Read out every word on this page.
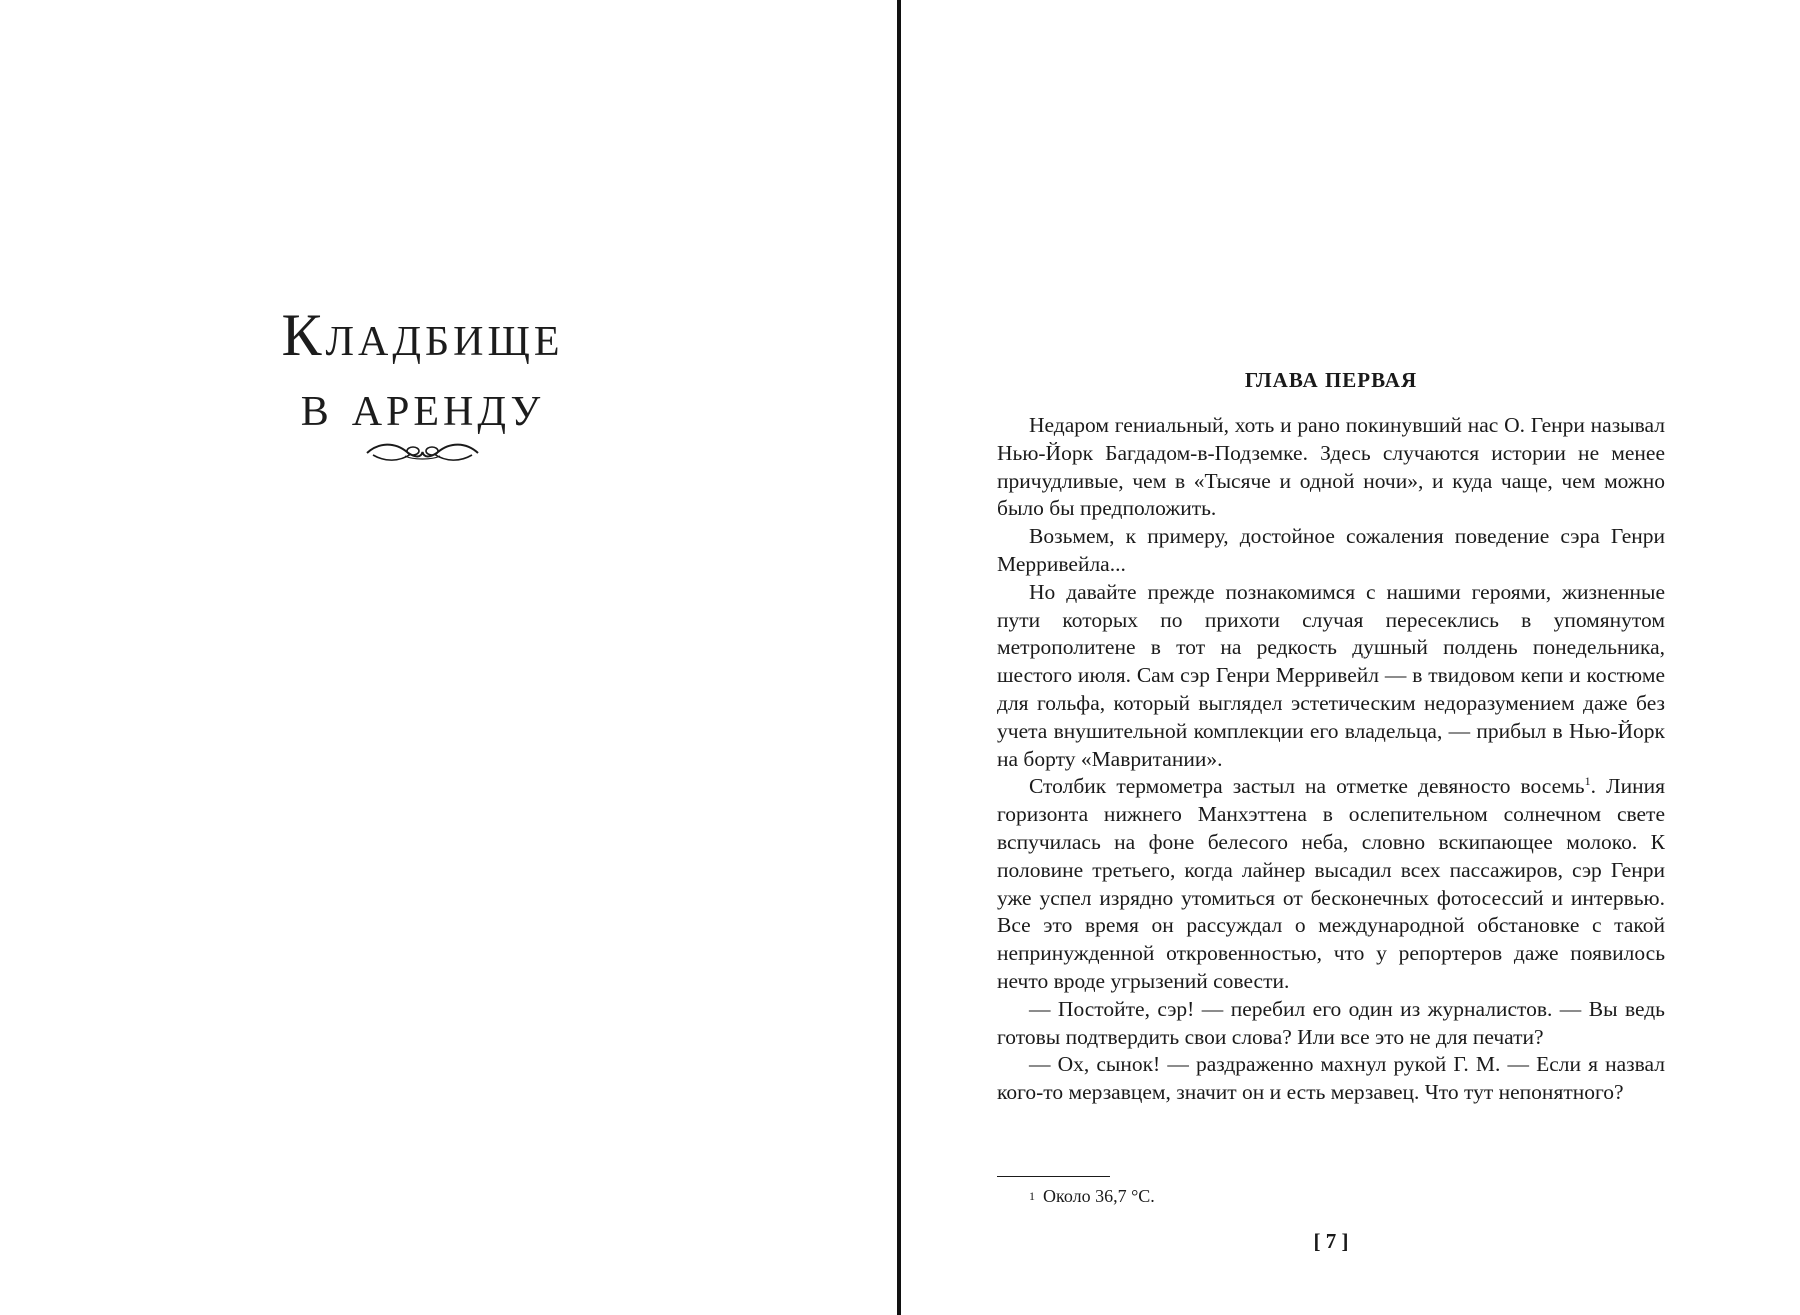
Кладбище
в аренду	ГЛАВА ПЕРВАЯ

Недаром гениальный, хоть и рано покинувший нас О. Генри называл Нью-Йорк Багдадом-в-Подземке. Здесь случаются истории не менее причудливые, чем в «Тысяче и одной ночи», и куда чаще, чем можно было бы предположить.

Возьмем, к примеру, достойное сожаления поведение сэра Генри Мерривейла...

Но давайте прежде познакомимся с нашими героями, жизненные пути которых по прихоти случая пересеклись в упомянутом метрополитене в тот на редкость душный полдень понедельника, шестого июля. Сам сэр Генри Мерривейл — в твидовом кепи и костюме для гольфа, который выглядел эстетическим недоразумением даже без учета внушительной комплекции его владельца, — прибыл в Нью-Йорк на борту «Мавритании».

Столбик термометра застыл на отметке девяносто восемь$^1$. Линия горизонта нижнего Манхэттена в ослепительном солнечном свете вспучилась на фоне белесого неба, словно вскипающее молоко. К половине третьего, когда лайнер высадил всех пассажиров, сэр Генри уже успел изрядно утомиться от бесконечных фотосессий и интервью. Все это время он рассуждал о международной обстановке с такой непринужденной откровенностью, что у репортеров даже появилось нечто вроде угрызений совести.

— Постойте, сэр! — перебил его один из журналистов. — Вы ведь готовы подтвердить свои слова? Или все это не для печати?

— Ох, сынок! — раздраженно махнул рукой Г. М. — Если я назвал кого-то мерзавцем, значит он и есть мерзавец. Что тут непонятного?

$^1$ Около 36,7 °C.
[ 7 ]
